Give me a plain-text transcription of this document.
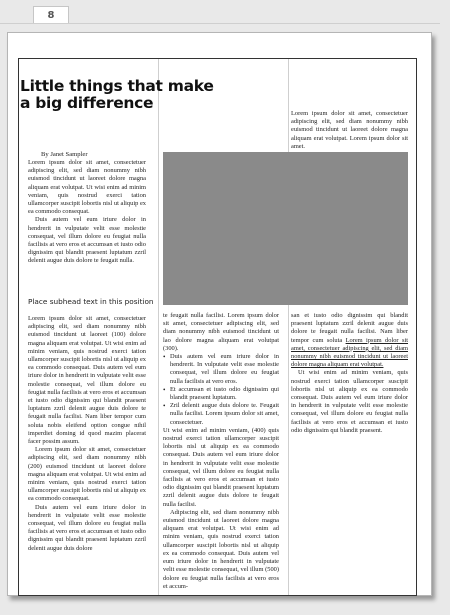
8
Little things that make a big difference
By Janet Sampler

Lorem ipsum dolor sit amet, consectetuer adipiscing elit, sed diam nonummy nibh euismod tincidunt ut laoreet dolore magna aliquam erat volutpat. Ut wisi enim ad minim veniam, quis nostrud exerci tation ullamcorper suscipit lobortis nisl ut aliquip ex ea commodo consequat.

Duis autem vel eum iriure dolor in hendrerit in vulputate velit esse molestie consequat, vel illum dolore eu feugiat nulla facilisis at vero eros et accumsan et iusto odio dignissim qui blandit praesent luptatum zzril delenit augue duis dolore te feugait nulla.

Place subhead text in this position

Lorem ipsum dolor sit amet, consectetuer adipiscing elit, sed diam nonummy nibh euismod tincidunt ut laoreet (100) dolore magna aliquam erat volutpat. Ut wisi enim ad minim veniam, quis nostrud exerci tation ullamcorper suscipit lobortis nisl ut aliquip ex ea commodo consequat. Duis autem vel eum iriure dolor in hendrerit in vulputate velit esse molestie consequat, vel illum dolore eu feugiat nulla facilisis at vero eros et accumsan et iusto odio dignissim qui blandit praesent luptatum zzril delenit augue duis dolore te feugait nulla facilisi. Nam liber tempor cum soluta nobis eleifend option congue nihil imperdiet doming id quod mazim placerat facer possim assum.

Lorem ipsum dolor sit amet, consectetuer adipiscing elit, sed diam nonummy nibh (200) euismod tincidunt ut laoreet dolore magna aliquam erat volutpat. Ut wisi enim ad minim veniam, quis nostrud exerci tation ullamcorper suscipit lobortis nisl ut aliquip ex ea commodo consequat.

Duis autem vel eum iriure dolor in hendrerit in vulputate velit esse molestie consequat, vel illum dolore eu feugiat nulla facilisis at vero eros et accumsan et iusto odio dignissim qui blandit praesent luptatum zzril delenit augue duis dolore

te feugait nulla facilisi. Lorem ipsum dolor sit amet, consectetuer adipiscing elit, sed diam nonummy nibh euismod tincidunt ut lao dolore magna aliquam erat volutpat (300).

• Duis autem vel eum iriure dolor in hendrerit. In vulputate velit esse molestie consequat, vel illum dolore eu feugiat nulla facilisis at vero eros.
• Et accumsan et iusto odio dignissim qui blandit praesent luptatum.
• Zril delenit augue duis dolore te. Feugait nulla facilisi. Lorem ipsum dolor sit amet, consectetuer.

Ut wisi enim ad minim veniam, (400) quis nostrud exerci tation ullamcorper suscipit lobortis nisl ut aliquip ex ea commodo consequat. Duis autem vel eum iriure dolor in hendrerit in vulputate velit esse molestie consequat, vel illum dolore eu feugiat nulla facilisis at vero eros et accumsan et iusto odio dignissim qui blandit praesent luptatum zzril delenit augue duis dolore te feugait nulla facilisi.

Adipiscing elit, sed diam nonummy nibh euismod tincidunt ut laoreet dolore magna aliquam erat volutpat. Ut wisi enim ad minim veniam, quis nostrud exerci tation ullamcorper suscipit lobortis nisl ut aliquip ex ea commodo consequat. Duis autem vel eum iriure dolor in hendrerit in vulputate velit esse molestie consequat, vel illum (500) dolore eu feugiat nulla facilisis at vero eros et accum-

Lorem ipsum dolor sit amet, consectetuer adipiscing elit, sed diam nonummy nibh euismod tincidunt ut laoreet dolore magna aliquam erat volutpat. Lorem ipsum dolor sit amet.

san et iusto odio dignissim qui blandit praesent luptatum zzril delenit augue duis dolore te feugait nulla facilisi. Nam liber tempor cum soluta Lorem ipsum dolor sit amet, consectetuer adipiscing elit, sed diam nonummy nibh euismod tincidunt ut laoreet dolore magna aliquam erat volutpat.

Ut wisi enim ad minim veniam, quis nostrud exerci tation ullamcorper suscipit lobortis nisl ut aliquip ex ea commodo consequat. Duis autem vel eum iriure dolor in hendrerit in vulputate velit esse molestie consequat, vel illum dolore eu feugiat nulla facilisis at vero eros et accumsan et iusto odio dignissim qui blandit praesent.
